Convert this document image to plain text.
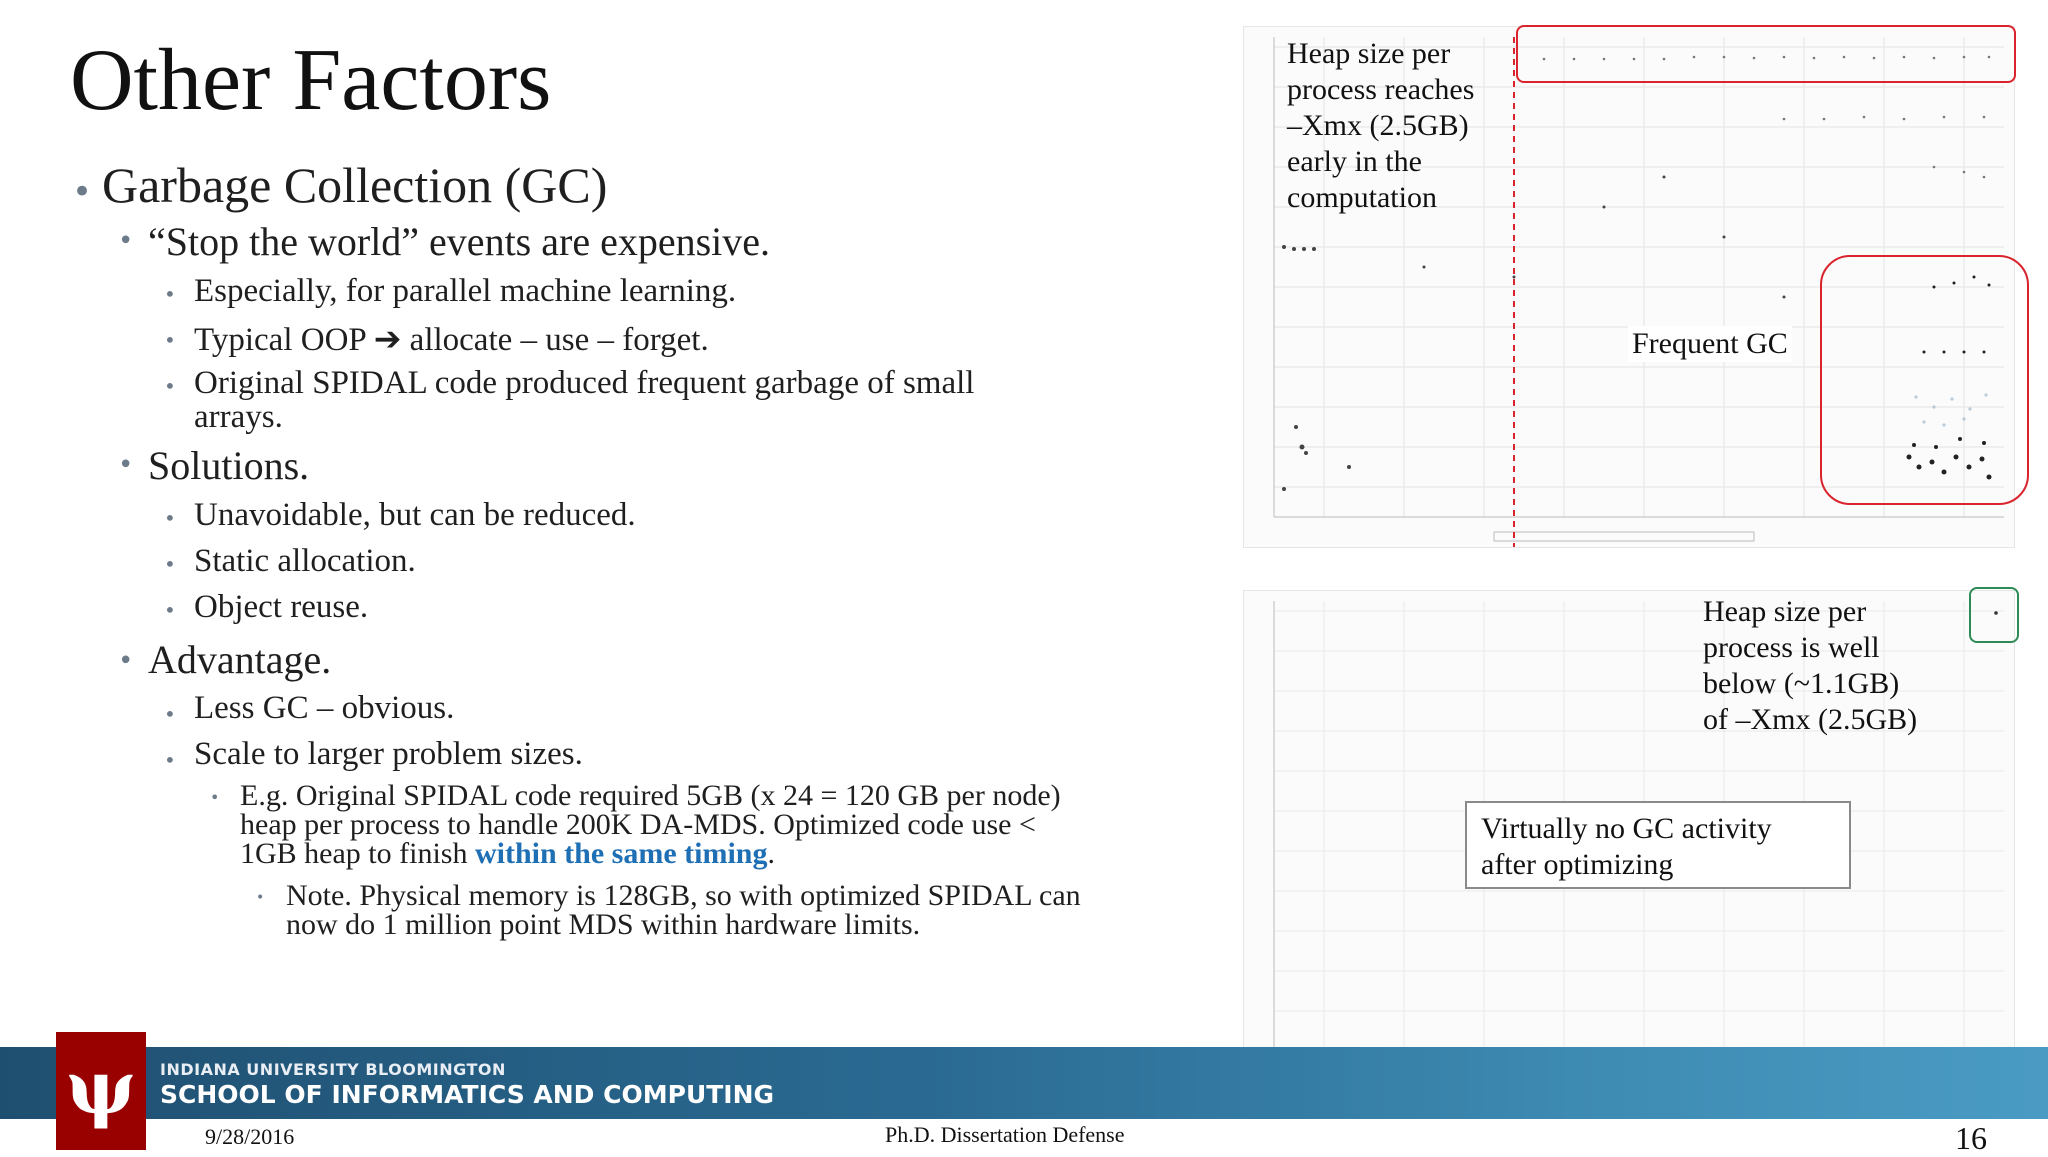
Other Factors
• Garbage Collection (GC)
• “Stop the world” events are expensive.
• Especially, for parallel machine learning.
• Typical OOP ➔ allocate – use – forget.
• Original SPIDAL code produced frequent garbage of small
arrays.
• Solutions.
• Unavoidable, but can be reduced.
• Static allocation.
• Object reuse.
• Advantage.
• Less GC – obvious.
• Scale to larger problem sizes.
• E.g. Original SPIDAL code required 5GB (x 24 = 120 GB per node)
heap per process to handle 200K DA-MDS. Optimized code use <
1GB heap to finish within the same timing.
• Note. Physical memory is 128GB, so with optimized SPIDAL can
now do 1 million point MDS within hardware limits.
Heap size per
process reaches
–Xmx (2.5GB)
early in the
computation
Frequent GC
Heap size per
process is well
below (~1.1GB)
of –Xmx (2.5GB)
Virtually no GC activity
after optimizing
ψ	INDIANA UNIVERSITY BLOOMINGTON
SCHOOL OF INFORMATICS AND COMPUTING
9/28/2016	Ph.D. Dissertation Defense	16
